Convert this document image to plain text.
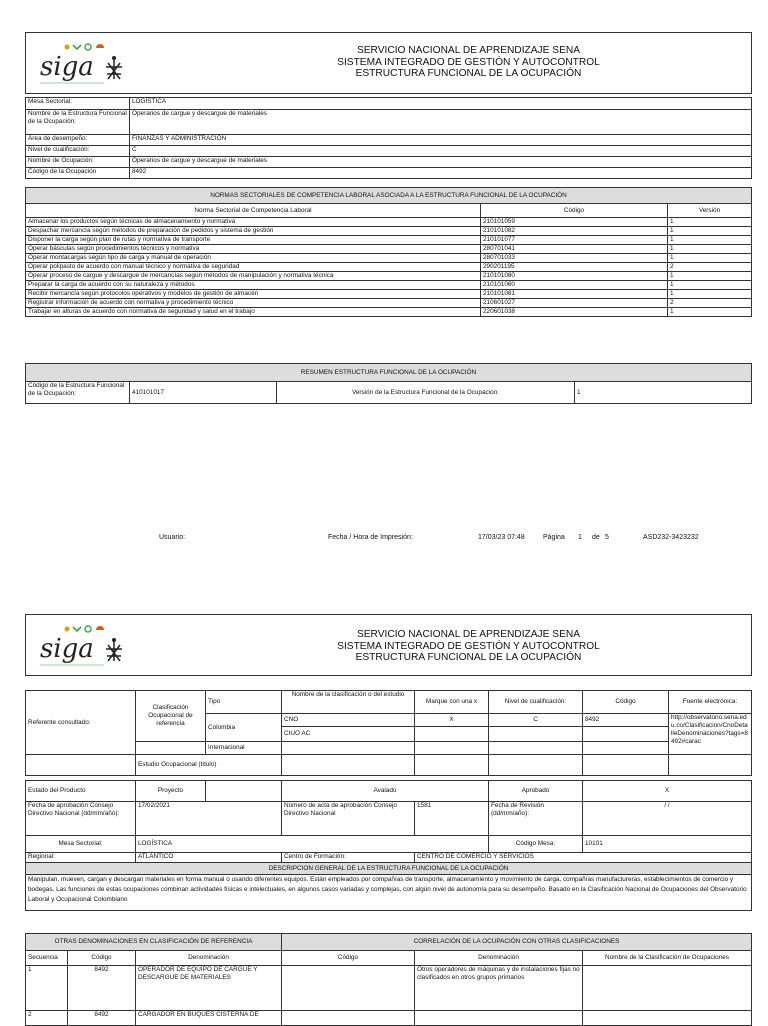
siga
SERVICIO NACIONAL DE APRENDIZAJE SENA
SISTEMA INTEGRADO DE GESTIÓN Y AUTOCONTROL
ESTRUCTURA FUNCIONAL DE LA OCUPACIÓN
Mesa Sectorial:	LOGÍSTICA
Nombre de la Estructura Funcional de la Ocupación:	Operarios de cargue y descargue de materiales
Área de desempeño:	FINANZAS Y ADMINISTRACIÓN
Nivel de cualificación:	C
Nombre de Ocupación:	Operarios de cargue y descargue de materiales
Código de la Ocupación	8492
NORMAS SECTORIALES DE COMPETENCIA LABORAL ASOCIADA A LA ESTRUCTURA FUNCIONAL DE LA OCUPACIÓN		
Norma Sectorial de Competencia Laboral	Código	Versión
Almacenar los productos según técnicas de almacenamiento y normativa	210101059	1
Despachar mercancía según métodos de preparación de pedidos y sistema de gestión	210101082	1
Disponer la carga según plan de rutas y normativa de transporte	210101077	1
Operar básculas según procedimientos técnicos y normativa	280701041	1
Operar montacargas según tipo de carga y manual de operación	280701033	1
Operar polipasto de acuerdo con manual técnico y normativa de seguridad	290201195	2
Operar proceso de cargue y descargue de mercancías según métodos de manipulación y normativa técnica	210101080	1
Preparar la carga de acuerdo con su naturaleza y métodos	210101060	1
Recibir mercancía según protocolos operativos y modelos de gestión de almacén	210101081	1
Registrar información de acuerdo con normativa y procedimiento técnico	210601027	2
Trabajar en alturas de acuerdo con normativa de seguridad y salud en el trabajo	220601038	1
RESUMEN ESTRUCTURA FUNCIONAL DE LA OCUPACIÓN
Código de la Estructura Funcional de la Ocupación:	410101017	Versión de la Estructura Funcional de la Ocupación:	1
Usuario:	Fecha / Hora de Impresión:	17/03/23 07:48	Página 1 de 5	ASD232-3423232
siga	SERVICIO NACIONAL DE APRENDIZAJE SENA
SISTEMA INTEGRADO DE GESTIÓN Y AUTOCONTROL
ESTRUCTURA FUNCIONAL DE LA OCUPACIÓN
Referente consultado:	Clasificación Ocupacional de referencia	Tipo	Nombre de la clasificación o del estudio	Marque con una x	Nivel de cualificación:	Código	Fuente electrónica:
		Colombia	CNO	X	C	8492	http://observatorio.sena.edu.co/Clasificacion/CnoDetalleDenominaciones?tags=8492#carac
			CIUO AC				
		Internacional					
	Estudio Ocupacional (título)						
Estado del Producto	Proyecto		Avalado		Aprobado	X
Fecha de aprobación Consejo Directivo Nacional (dd/mm/año):	17/02/2021		Número de acta de aprobación Consejo Directivo Nacional	1581	Fecha de Revisión (dd/mm/año):	/ /
Mesa Sectorial:	LOGÍSTICA				Código Mesa:	10101
Regional:	ATLÁNTICO		Centro de Formación:	CENTRO DE COMERCIO Y SERVICIOS		
DESCRIPCION GENERAL DE LA ESTRUCTURA FUNCIONAL DE LA OCUPACIÓN						
Manipulan, mueven, cargan y descargan materiales en forma manual o usando diferentes equipos. Están empleados por compañías de transporte, almacenamiento y movimiento de carga, compañías manufactureras, establecimientos de comercio y bodegas. Las funciones de estas ocupaciones combinan actividades físicas e intelectuales, en algunos casos variadas y complejas, con algún nivel de autonomía para su desempeño. Basado en la Clasificación Nacional de Ocupaciones del Observatorio Laboral y Ocupacional Colombiano						
OTRAS DENOMINACIONES EN CLASIFICACIÓN DE REFERENCIA			CORRELACIÓN DE LA OCUPACIÓN CON OTRAS CLASIFICACIONES		
Secuencia	Código	Denominación	Código	Denominación	Nombre de la Clasificación de Ocupaciones
1	8492	OPERADOR DE EQUIPO DE CARGUE Y DESCARGUE DE MATERIALES		Otros operadores de máquinas y de instalaciones fijas no clasificados en otros grupos primarios	
2	8492	CARGADOR EN BUQUES CISTERNA DE			
